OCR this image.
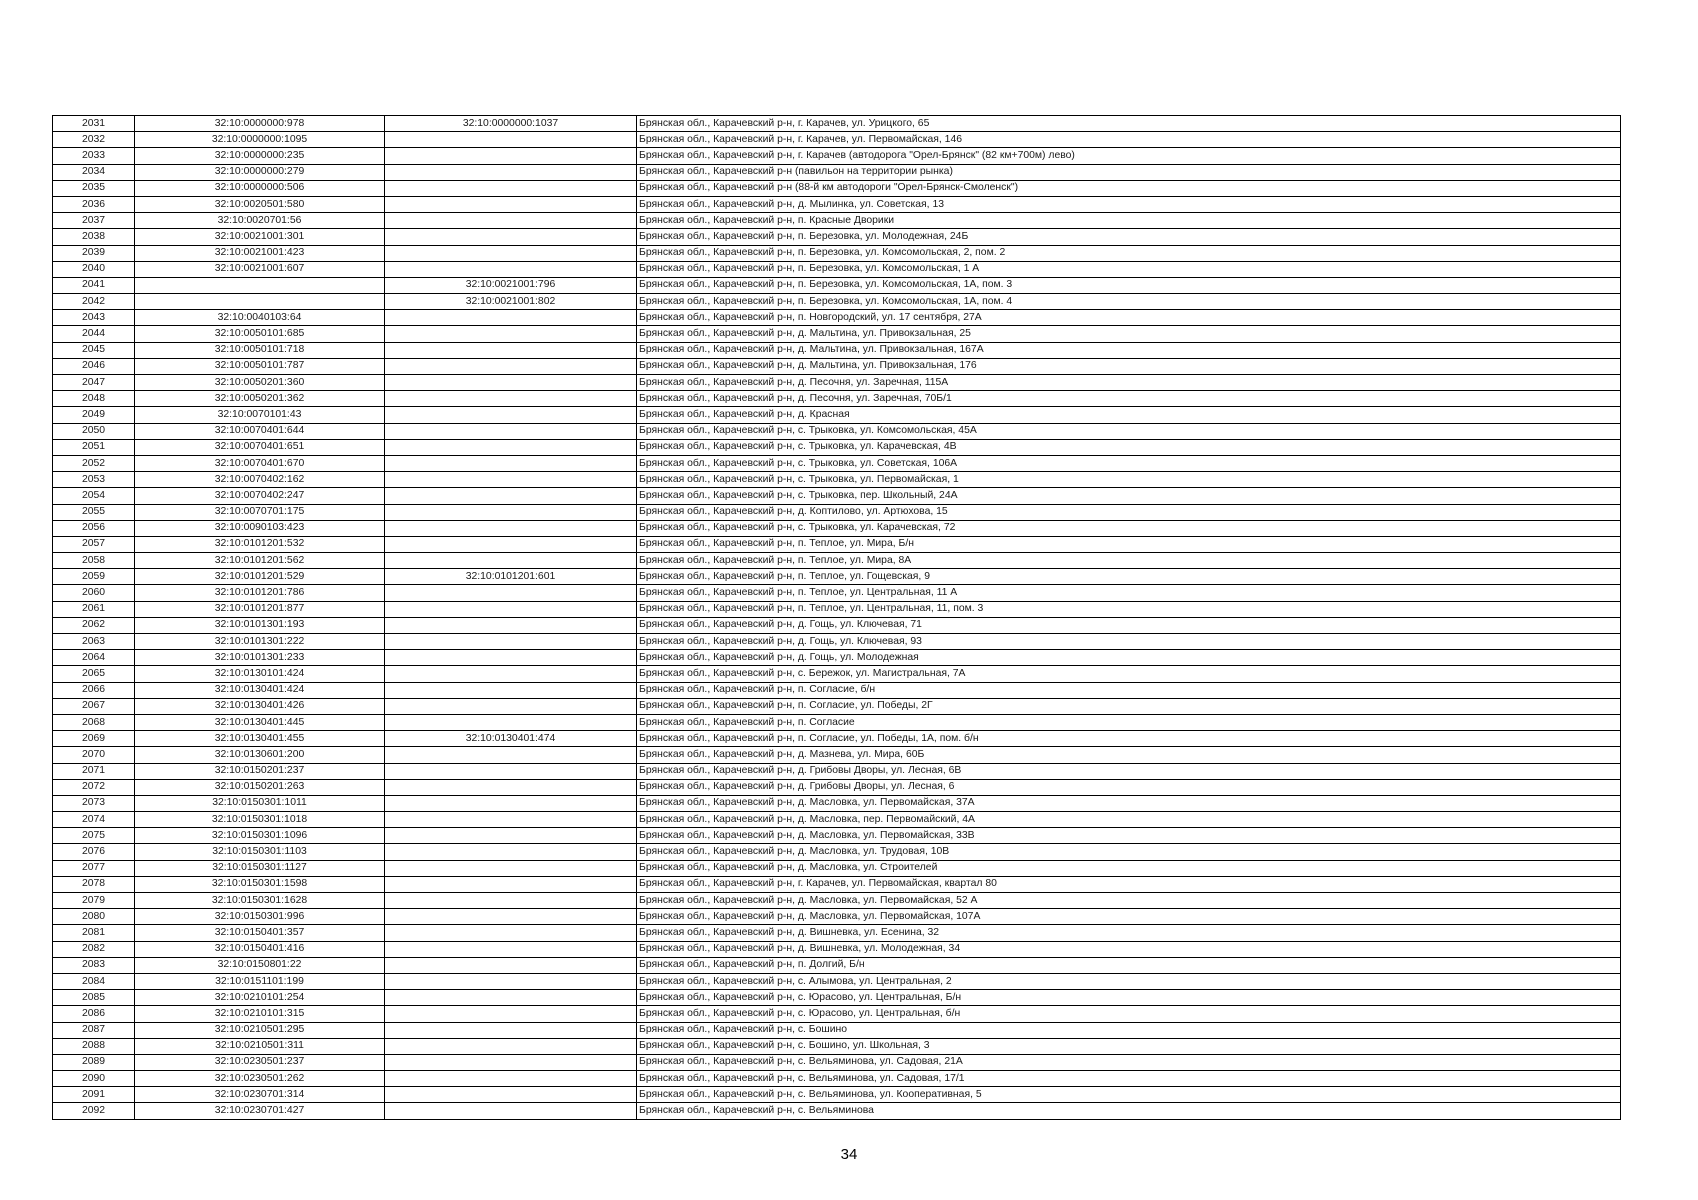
2031	32:10:0000000:978	32:10:0000000:1037	Брянская обл., Карачевский р-н, г. Карачев, ул. Урицкого, 65
2032	32:10:0000000:1095		Брянская обл., Карачевский р-н, г. Карачев, ул. Первомайская, 146
2033	32:10:0000000:235		Брянская обл., Карачевский р-н, г. Карачев (автодорога "Орел-Брянск" (82 км+700м) лево)
2034	32:10:0000000:279		Брянская обл., Карачевский р-н (павильон на территории рынка)
2035	32:10:0000000:506		Брянская обл., Карачевский р-н (88-й км автодороги "Орел-Брянск-Смоленск")
2036	32:10:0020501:580		Брянская обл., Карачевский р-н, д. Мылинка, ул. Советская, 13
2037	32:10:0020701:56		Брянская обл., Карачевский р-н, п. Красные Дворики
2038	32:10:0021001:301		Брянская обл., Карачевский р-н, п. Березовка, ул. Молодежная, 24Б
2039	32:10:0021001:423		Брянская обл., Карачевский р-н, п. Березовка, ул. Комсомольская, 2, пом. 2
2040	32:10:0021001:607		Брянская обл., Карачевский р-н, п. Березовка, ул. Комсомольская, 1 А
2041		32:10:0021001:796	Брянская обл., Карачевский р-н, п. Березовка, ул. Комсомольская, 1А, пом. 3
2042		32:10:0021001:802	Брянская обл., Карачевский р-н, п. Березовка, ул. Комсомольская, 1А, пом. 4
2043	32:10:0040103:64		Брянская обл., Карачевский р-н, п. Новгородский, ул. 17 сентября, 27А
2044	32:10:0050101:685		Брянская обл., Карачевский р-н, д. Мальтина, ул. Привокзальная, 25
2045	32:10:0050101:718		Брянская обл., Карачевский р-н, д. Мальтина, ул. Привокзальная, 167А
2046	32:10:0050101:787		Брянская обл., Карачевский р-н, д. Мальтина, ул. Привокзальная, 176
2047	32:10:0050201:360		Брянская обл., Карачевский р-н, д. Песочня, ул. Заречная, 115А
2048	32:10:0050201:362		Брянская обл., Карачевский р-н, д. Песочня, ул. Заречная, 70Б/1
2049	32:10:0070101:43		Брянская обл., Карачевский р-н, д. Красная
2050	32:10:0070401:644		Брянская обл., Карачевский р-н, с. Трыковка, ул. Комсомольская, 45А
2051	32:10:0070401:651		Брянская обл., Карачевский р-н, с. Трыковка, ул. Карачевская, 4В
2052	32:10:0070401:670		Брянская обл., Карачевский р-н, с. Трыковка, ул. Советская, 106А
2053	32:10:0070402:162		Брянская обл., Карачевский р-н, с. Трыковка, ул. Первомайская, 1
2054	32:10:0070402:247		Брянская обл., Карачевский р-н, с. Трыковка, пер. Школьный, 24А
2055	32:10:0070701:175		Брянская обл., Карачевский р-н, д. Коптилово, ул. Артюхова, 15
2056	32:10:0090103:423		Брянская обл., Карачевский р-н, с. Трыковка, ул. Карачевская, 72
2057	32:10:0101201:532		Брянская обл., Карачевский р-н, п. Теплое, ул. Мира, Б/н
2058	32:10:0101201:562		Брянская обл., Карачевский р-н, п. Теплое, ул. Мира, 8А
2059	32:10:0101201:529	32:10:0101201:601	Брянская обл., Карачевский р-н, п. Теплое, ул. Гощевская, 9
2060	32:10:0101201:786		Брянская обл., Карачевский р-н, п. Теплое, ул. Центральная, 11 А
2061	32:10:0101201:877		Брянская обл., Карачевский р-н, п. Теплое, ул. Центральная, 11, пом. 3
2062	32:10:0101301:193		Брянская обл., Карачевский р-н, д. Гощь, ул. Ключевая, 71
2063	32:10:0101301:222		Брянская обл., Карачевский р-н, д. Гощь, ул. Ключевая, 93
2064	32:10:0101301:233		Брянская обл., Карачевский р-н, д. Гощь, ул. Молодежная
2065	32:10:0130101:424		Брянская обл., Карачевский р-н, с. Бережок, ул. Магистральная, 7А
2066	32:10:0130401:424		Брянская обл., Карачевский р-н, п. Согласие, б/н
2067	32:10:0130401:426		Брянская обл., Карачевский р-н, п. Согласие, ул. Победы, 2Г
2068	32:10:0130401:445		Брянская обл., Карачевский р-н, п. Согласие
2069	32:10:0130401:455	32:10:0130401:474	Брянская обл., Карачевский р-н, п. Согласие, ул. Победы, 1А, пом. б/н
2070	32:10:0130601:200		Брянская обл., Карачевский р-н, д. Мазнева, ул. Мира, 60Б
2071	32:10:0150201:237		Брянская обл., Карачевский р-н, д. Грибовы Дворы, ул. Лесная, 6В
2072	32:10:0150201:263		Брянская обл., Карачевский р-н, д. Грибовы Дворы, ул. Лесная, 6
2073	32:10:0150301:1011		Брянская обл., Карачевский р-н, д. Масловка, ул. Первомайская, 37А
2074	32:10:0150301:1018		Брянская обл., Карачевский р-н, д. Масловка, пер. Первомайский, 4А
2075	32:10:0150301:1096		Брянская обл., Карачевский р-н, д. Масловка, ул. Первомайская, 33В
2076	32:10:0150301:1103		Брянская обл., Карачевский р-н, д. Масловка, ул. Трудовая, 10В
2077	32:10:0150301:1127		Брянская обл., Карачевский р-н, д. Масловка, ул. Строителей
2078	32:10:0150301:1598		Брянская обл., Карачевский р-н, г. Карачев, ул. Первомайская, квартал 80
2079	32:10:0150301:1628		Брянская обл., Карачевский р-н, д. Масловка, ул. Первомайская, 52 А
2080	32:10:0150301:996		Брянская обл., Карачевский р-н, д. Масловка, ул. Первомайская, 107А
2081	32:10:0150401:357		Брянская обл., Карачевский р-н, д. Вишневка, ул. Есенина, 32
2082	32:10:0150401:416		Брянская обл., Карачевский р-н, д. Вишневка, ул. Молодежная, 34
2083	32:10:0150801:22		Брянская обл., Карачевский р-н, п. Долгий, Б/н
2084	32:10:0151101:199		Брянская обл., Карачевский р-н, с. Алымова, ул. Центральная, 2
2085	32:10:0210101:254		Брянская обл., Карачевский р-н, с. Юрасово, ул. Центральная, Б/н
2086	32:10:0210101:315		Брянская обл., Карачевский р-н, с. Юрасово, ул. Центральная, б/н
2087	32:10:0210501:295		Брянская обл., Карачевский р-н, с. Бошино
2088	32:10:0210501:311		Брянская обл., Карачевский р-н, с. Бошино, ул. Школьная, 3
2089	32:10:0230501:237		Брянская обл., Карачевский р-н, с. Вельяминова, ул. Садовая, 21А
2090	32:10:0230501:262		Брянская обл., Карачевский р-н, с. Вельяминова, ул. Садовая, 17/1
2091	32:10:0230701:314		Брянская обл., Карачевский р-н, с. Вельяминова, ул. Кооперативная, 5
2092	32:10:0230701:427		Брянская обл., Карачевский р-н, с. Вельяминова
34
